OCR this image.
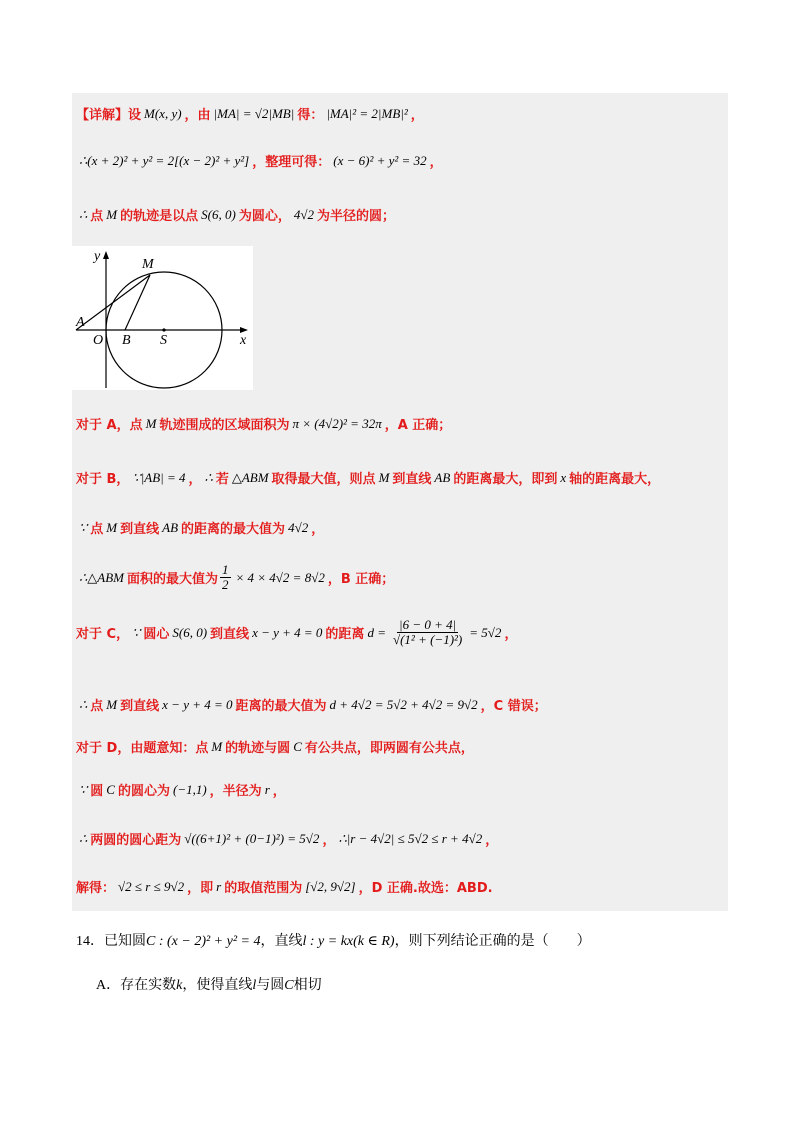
【详解】设 M(x, y) ，由 |MA| = √2|MB| 得： |MA|² = 2|MB|² ，
∴(x + 2)² + y² = 2[(x − 2)² + y²] ，整理可得： (x − 6)² + y² = 32 ，
∴ 点 M 的轨迹是以点 S(6, 0) 为圆心， 4√2 为半径的圆；
y
M
A
O B S	x
对于 A，点 M 轨迹围成的区域面积为 π × (4√2)² = 32π ，A 正确；
对于 B， ∵|AB| = 4 ， ∴ 若 △ABM 取得最大值，则点 M 到直线 AB 的距离最大，即到 x 轴的距离最大，
∵ 点 M 到直线 AB 的距离的最大值为 4√2 ，
∴△ABM 面积的最大值为 $\frac{1}{2} \times 4 \times 4√2 = 8√2$ ，B 正确；
对于 C， ∵ 圆心 S(6, 0) 到直线 x − y + 4 = 0 的距离 $d = \frac{|6 - 0 + 4|}{\text{√(1² + (−1)²)}} = 5√2$ ，
∴ 点 M 到直线 x − y + 4 = 0 距离的最大值为 d + 4√2 = 5√2 + 4√2 = 9√2 ，C 错误；
对于 D，由题意知：点 M 的轨迹与圆 C 有公共点，即两圆有公共点，
∵ 圆 C 的圆心为 (−1,1) ，半径为 r ，
∴ 两圆的圆心距为 √((6+1)² + (0−1)²) = 5√2 ， ∴|r − 4√2| ≤ 5√2 ≤ r + 4√2 ，
解得： √2 ≤ r ≤ 9√2 ，即 r 的取值范围为 [√2, 9√2] ，D 正确.故选：ABD.
14．已知圆C : (x − 2)² + y² = 4，直线l : y = kx(k ∈ R)，则下列结论正确的是（　　）
A．存在实数k，使得直线l与圆C相切
